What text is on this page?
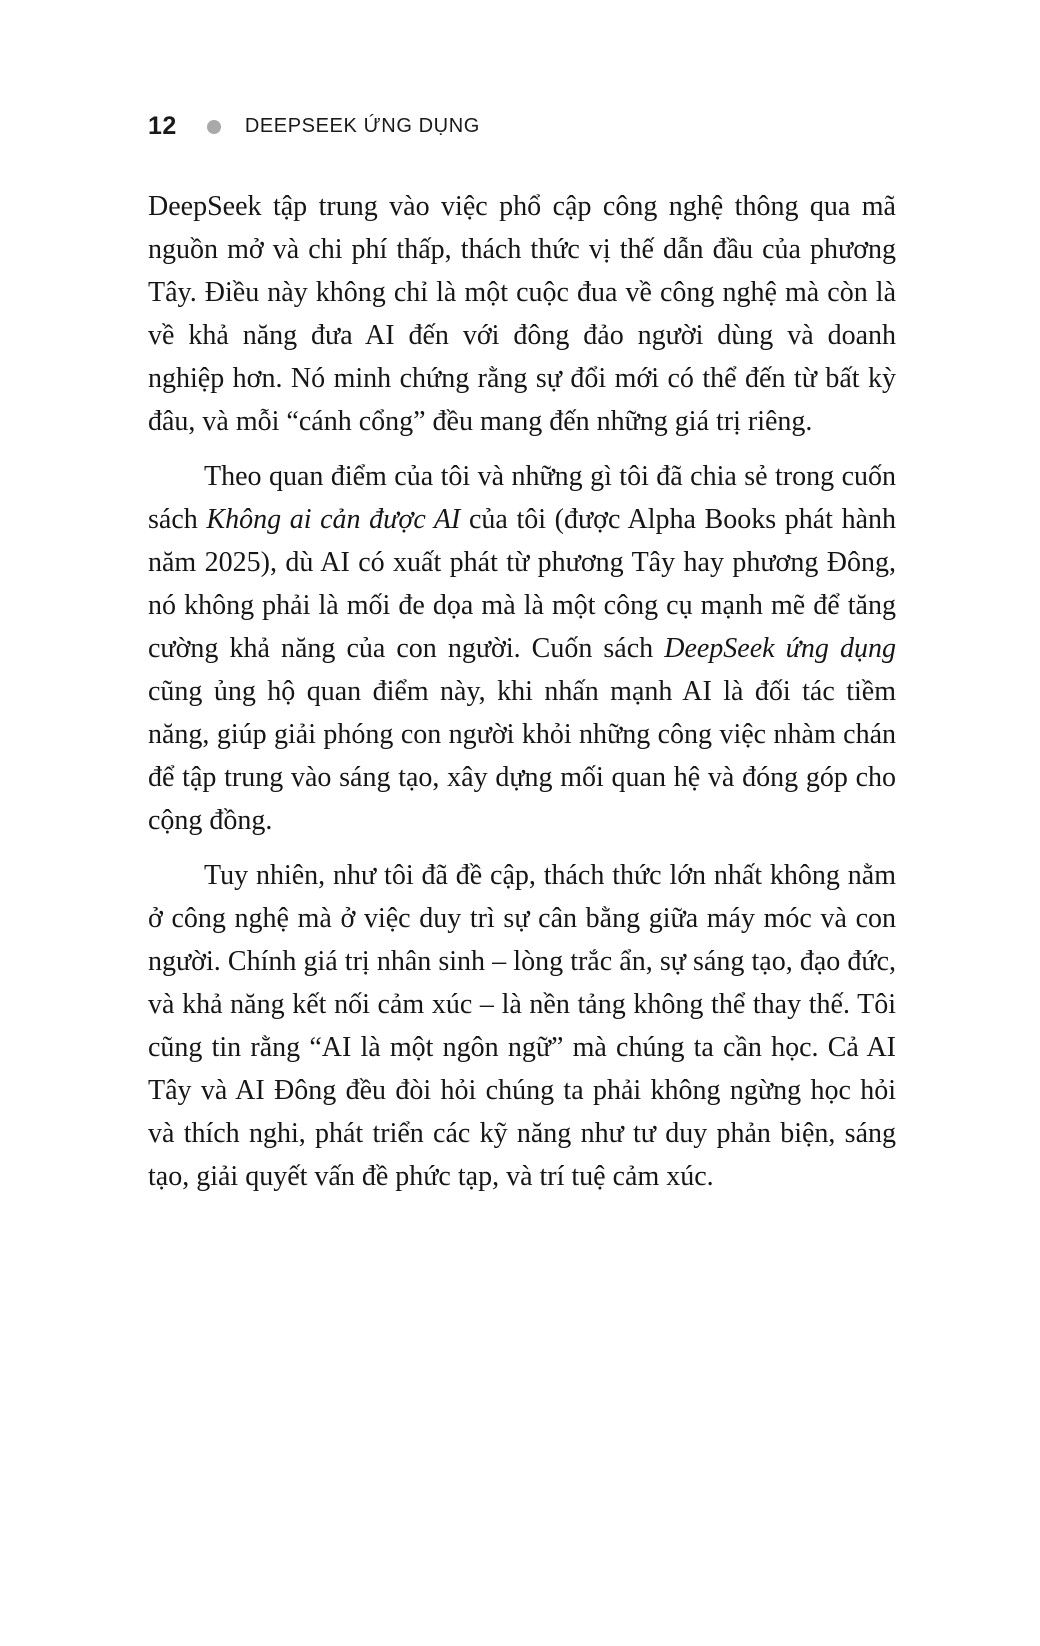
12	DEEPSEEK ỨNG DỤNG

DeepSeek tập trung vào việc phổ cập công nghệ thông qua mã nguồn mở và chi phí thấp, thách thức vị thế dẫn đầu của phương Tây. Điều này không chỉ là một cuộc đua về công nghệ mà còn là về khả năng đưa AI đến với đông đảo người dùng và doanh nghiệp hơn. Nó minh chứng rằng sự đổi mới có thể đến từ bất kỳ đâu, và mỗi “cánh cổng” đều mang đến những giá trị riêng.

Theo quan điểm của tôi và những gì tôi đã chia sẻ trong cuốn sách Không ai cản được AI của tôi (được Alpha Books phát hành năm 2025), dù AI có xuất phát từ phương Tây hay phương Đông, nó không phải là mối đe dọa mà là một công cụ mạnh mẽ để tăng cường khả năng của con người. Cuốn sách DeepSeek ứng dụng cũng ủng hộ quan điểm này, khi nhấn mạnh AI là đối tác tiềm năng, giúp giải phóng con người khỏi những công việc nhàm chán để tập trung vào sáng tạo, xây dựng mối quan hệ và đóng góp cho cộng đồng.

Tuy nhiên, như tôi đã đề cập, thách thức lớn nhất không nằm ở công nghệ mà ở việc duy trì sự cân bằng giữa máy móc và con người. Chính giá trị nhân sinh – lòng trắc ẩn, sự sáng tạo, đạo đức, và khả năng kết nối cảm xúc – là nền tảng không thể thay thế. Tôi cũng tin rằng “AI là một ngôn ngữ” mà chúng ta cần học. Cả AI Tây và AI Đông đều đòi hỏi chúng ta phải không ngừng học hỏi và thích nghi, phát triển các kỹ năng như tư duy phản biện, sáng tạo, giải quyết vấn đề phức tạp, và trí tuệ cảm xúc.
